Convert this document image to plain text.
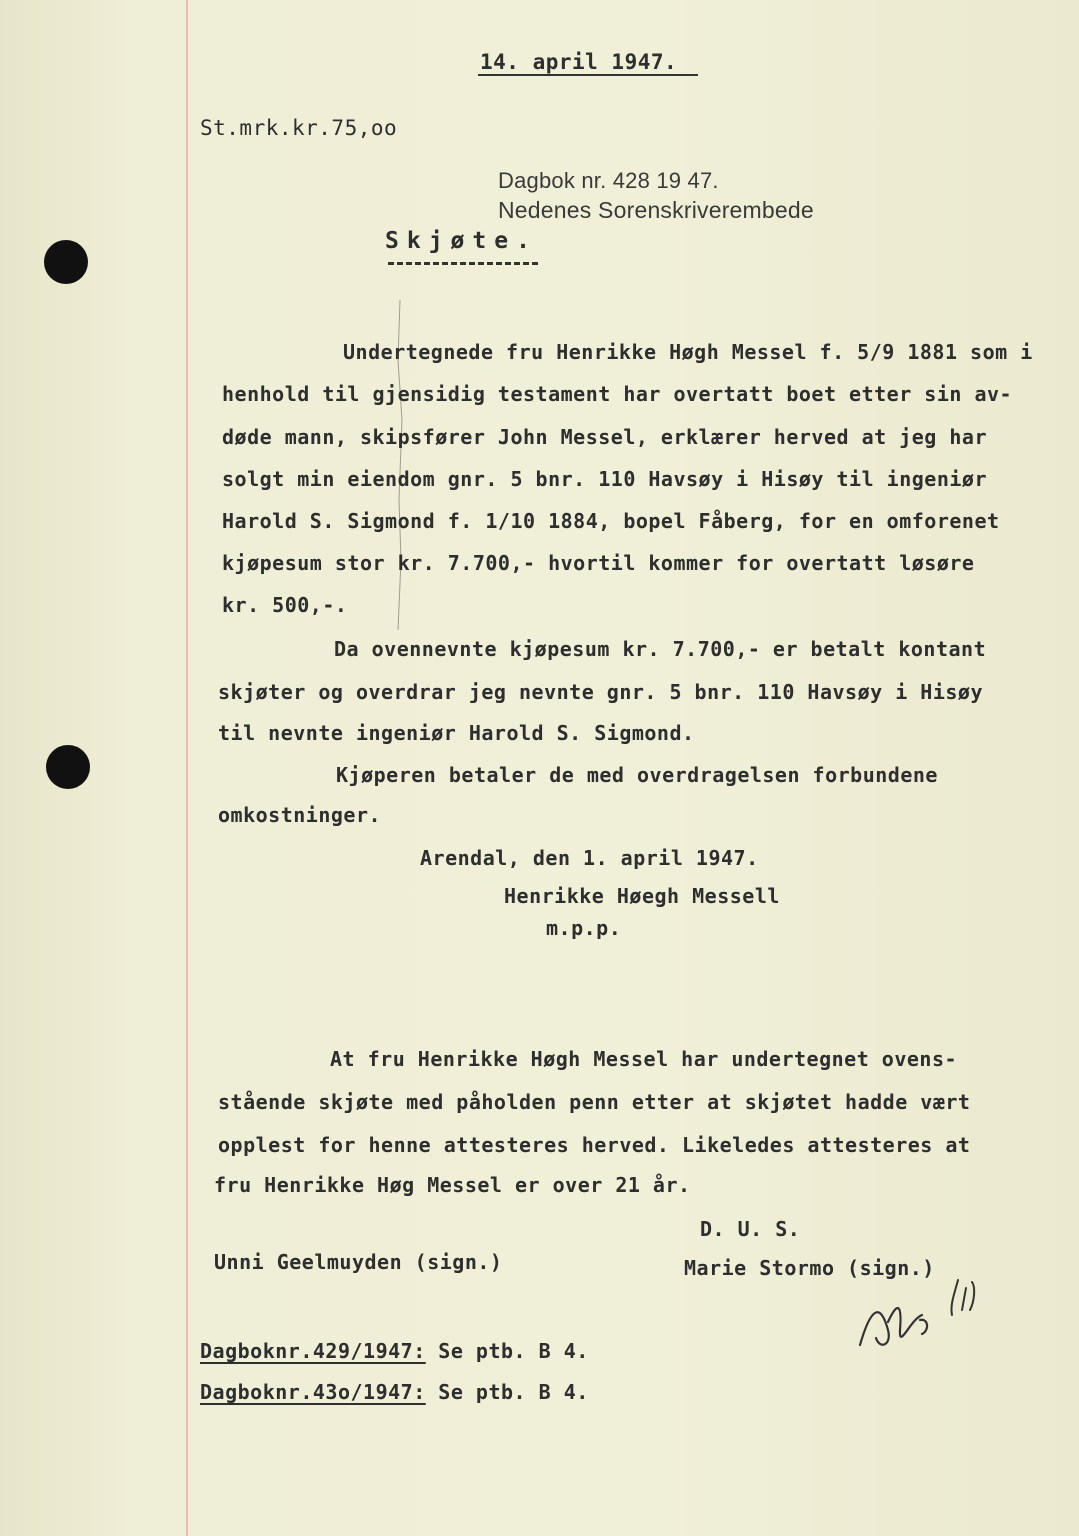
14. april 1947.
St.mrk.kr.75,oo
Dagbok nr. 428 19 47.
Nedenes Sorenskriverembede
Skjøte.
Undertegnede fru Henrikke Høgh Messel f. 5/9 1881 som i
henhold til gjensidig testament har overtatt boet etter sin av-
døde mann, skipsfører John Messel, erklærer herved at jeg har
solgt min eiendom gnr. 5 bnr. 110 Havsøy i Hisøy til ingeniør
Harold S. Sigmond f. 1/10 1884, bopel Fåberg, for en omforenet
kjøpesum stor kr. 7.700,- hvortil kommer for overtatt løsøre
kr. 500,-.
Da ovennevnte kjøpesum kr. 7.700,- er betalt kontant
skjøter og overdrar jeg nevnte gnr. 5 bnr. 110 Havsøy i Hisøy
til nevnte ingeniør Harold S. Sigmond.
Kjøperen betaler de med overdragelsen forbundene
omkostninger.
Arendal, den 1. april 1947.
Henrikke Høegh Messell
m.p.p.
At fru Henrikke Høgh Messel har undertegnet ovens-
stående skjøte med påholden penn etter at skjøtet hadde vært
opplest for henne attesteres herved. Likeledes attesteres at
fru Henrikke Høg Messel er over 21 år.
D. U. S.
Unni Geelmuyden (sign.)	Marie Stormo (sign.)
Dagboknr.429/1947: Se ptb. B 4.
Dagboknr.43o/1947: Se ptb. B 4.
